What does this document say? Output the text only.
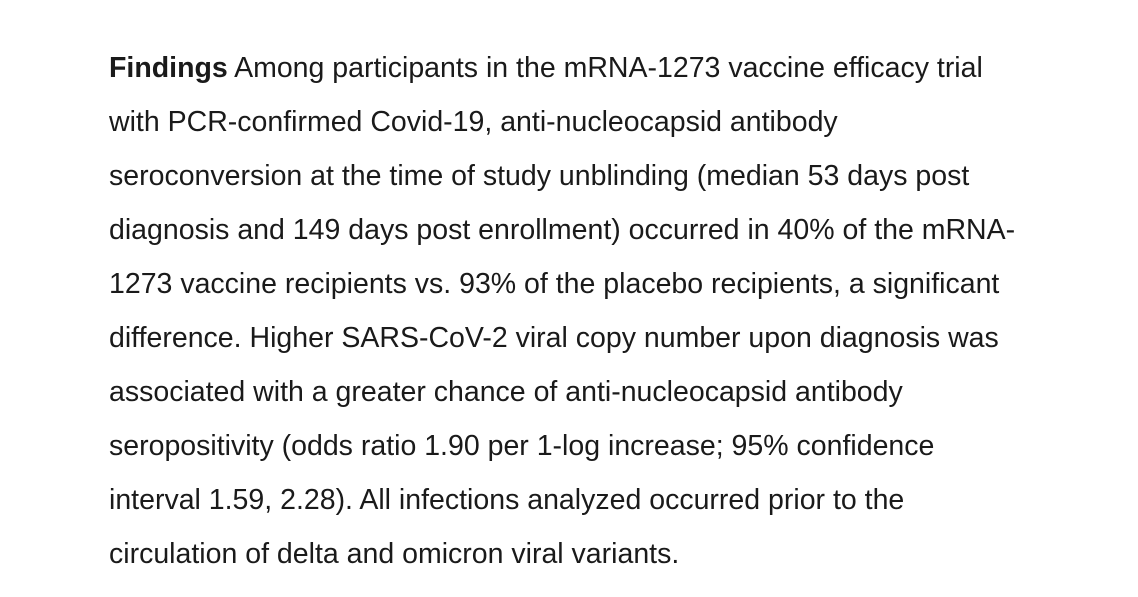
Findings Among participants in the mRNA-1273 vaccine efficacy trial
with PCR-confirmed Covid-19, anti-nucleocapsid antibody
seroconversion at the time of study unblinding (median 53 days post
diagnosis and 149 days post enrollment) occurred in 40% of the mRNA-
1273 vaccine recipients vs. 93% of the placebo recipients, a significant
difference. Higher SARS-CoV-2 viral copy number upon diagnosis was
associated with a greater chance of anti-nucleocapsid antibody
seropositivity (odds ratio 1.90 per 1-log increase; 95% confidence
interval 1.59, 2.28). All infections analyzed occurred prior to the
circulation of delta and omicron viral variants.
